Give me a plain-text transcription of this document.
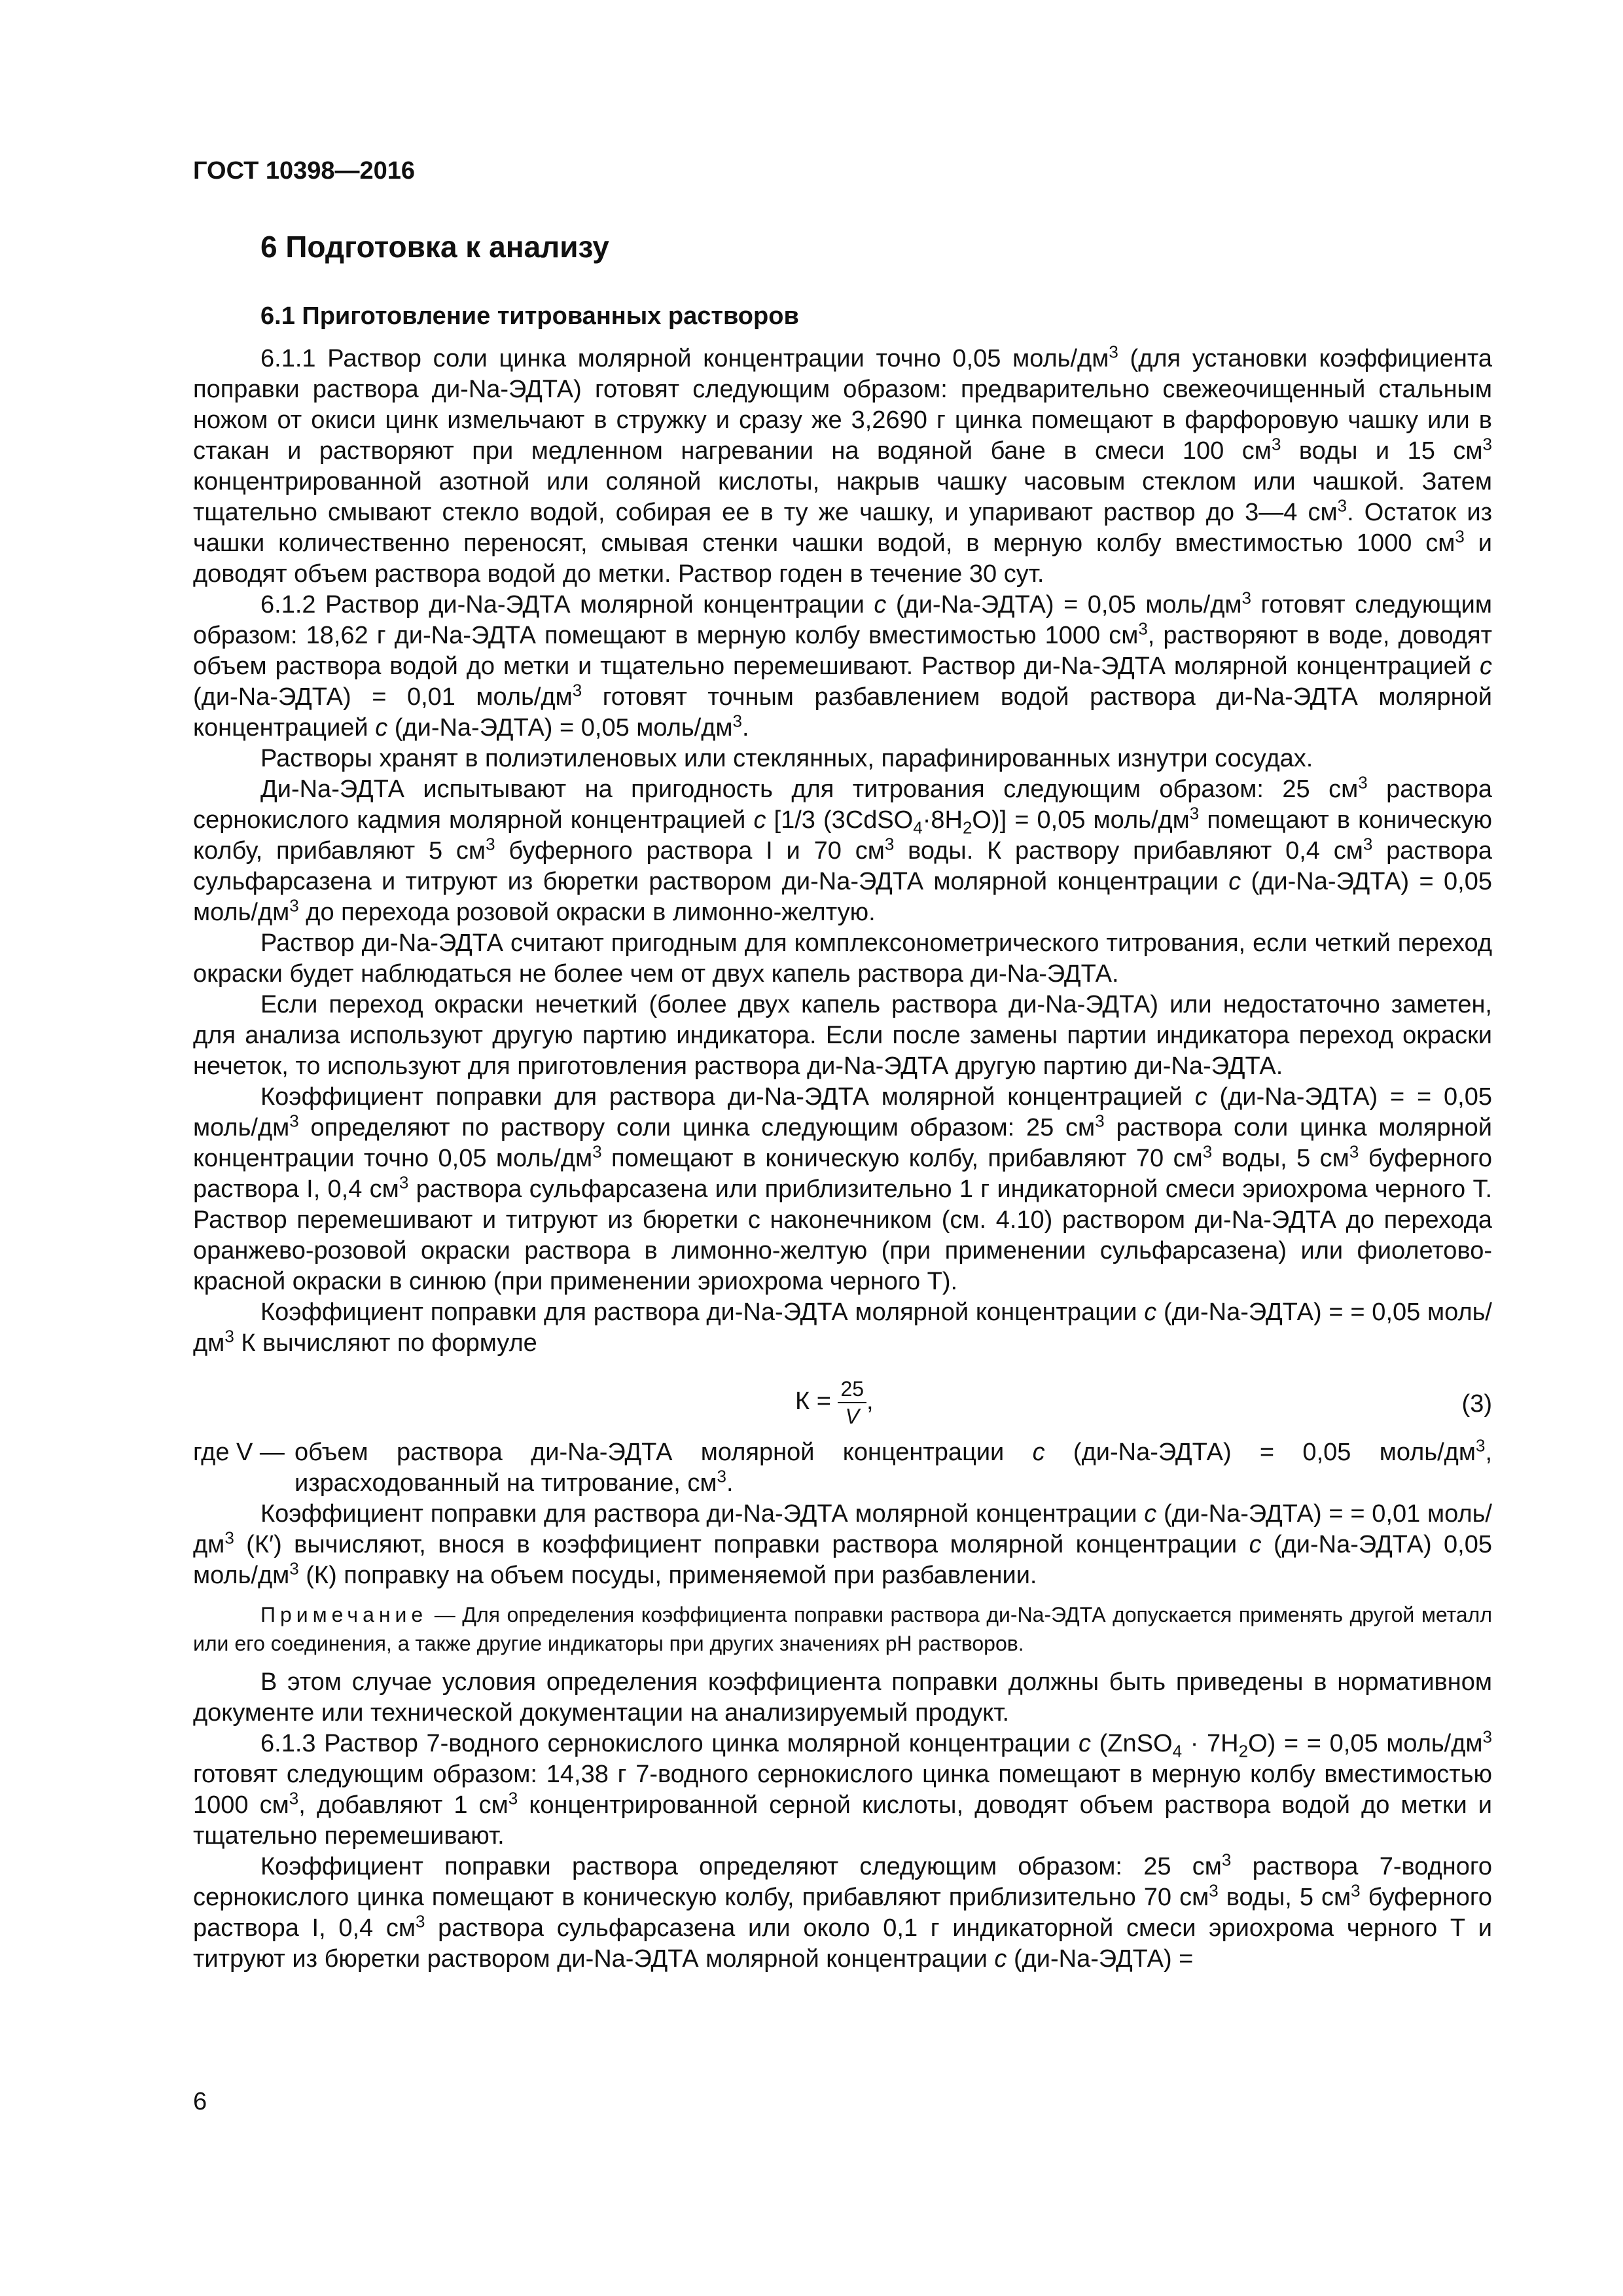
ГОСТ 10398—2016

6 Подготовка к анализу
6.1 Приготовление титрованных растворов

6.1.1 Раствор соли цинка молярной концентрации точно 0,05 моль/$дм^3$ (для установки коэффициента поправки раствора ди-Na-ЭДТА) готовят следующим образом: предварительно свежеочищенный стальным ножом от окиси цинк измельчают в стружку и сразу же 3,2690 г цинка помещают в фарфоровую чашку или в стакан и растворяют при медленном нагревании на водяной бане в смеси 100 $см^3$ воды и 15 $см^3$ концентрированной азотной или соляной кислоты, накрыв чашку часовым стеклом или чашкой. Затем тщательно смывают стекло водой, собирая ее в ту же чашку, и упаривают раствор до 3—4 $см^3$. Остаток из чашки количественно переносят, смывая стенки чашки водой, в мерную колбу вместимостью 1000 $см^3$ и доводят объем раствора водой до метки. Раствор годен в течение 30 сут.

6.1.2 Раствор ди-Na-ЭДТА молярной концентрации c (ди-Na-ЭДТА) = 0,05 моль/$дм^3$ готовят следующим образом: 18,62 г ди-Na-ЭДТА помещают в мерную колбу вместимостью 1000 $см^3$, растворяют в воде, доводят объем раствора водой до метки и тщательно перемешивают. Раствор ди-Na-ЭДТА молярной концентрацией c (ди-Na-ЭДТА) = 0,01 моль/$дм^3$ готовят точным разбавлением водой раствора ди-Na-ЭДТА молярной концентрацией c (ди-Na-ЭДТА) = 0,05 моль/$дм^3$.

Растворы хранят в полиэтиленовых или стеклянных, парафинированных изнутри сосудах.

Ди-Na-ЭДТА испытывают на пригодность для титрования следующим образом: 25 $см^3$ раствора сернокислого кадмия молярной концентрацией c [1/3 $(3CdSO_4\cdot 8H_2O)] = 0,05$ моль/$дм^3$ помещают в коническую колбу, прибавляют 5 $см^3$ буферного раствора I и 70 $см^3$ воды. К раствору прибавляют 0,4 $см^3$ раствора сульфарсазена и титруют из бюретки раствором ди-Na-ЭДТА молярной концентрации c (ди-Na-ЭДТА) = 0,05 моль/$дм^3$ до перехода розовой окраски в лимонно-желтую.

Раствор ди-Na-ЭДТА считают пригодным для комплексонометрического титрования, если четкий переход окраски будет наблюдаться не более чем от двух капель раствора ди-Na-ЭДТА.

Если переход окраски нечеткий (более двух капель раствора ди-Na-ЭДТА) или недостаточно заметен, для анализа используют другую партию индикатора. Если после замены партии индикатора переход окраски нечеток, то используют для приготовления раствора ди-Na-ЭДТА другую партию ди-Na-ЭДТА.

Коэффициент поправки для раствора ди-Na-ЭДТА молярной концентрацией c (ди-Na-ЭДТА) = = 0,05 моль/$дм^3$ определяют по раствору соли цинка следующим образом: 25 $см^3$ раствора соли цинка молярной концентрации точно 0,05 моль/$дм^3$ помещают в коническую колбу, прибавляют 70 $см^3$ воды, 5 $см^3$ буферного раствора I, 0,4 $см^3$ раствора сульфарсазена или приблизительно 1 г индикаторной смеси эриохрома черного Т. Раствор перемешивают и титруют из бюретки с наконечником (см. 4.10) раствором ди-Na-ЭДТА до перехода оранжево-розовой окраски раствора в лимонно-желтую (при применении сульфарсазена) или фиолетово-красной окраски в синюю (при применении эриохрома черного Т).

Коэффициент поправки для раствора ди-Na-ЭДТА молярной концентрации c (ди-Na-ЭДТА) = = 0,05 моль/$дм^3$ К вычисляют по формуле

$К = \frac{25}{V}$ ,	(3)

где V — объем раствора ди-Na-ЭДТА молярной концентрации c (ди-Na-ЭДТА) = 0,05 моль/$дм^3$, израсходованный на титрование, $см^3$.

Коэффициент поправки для раствора ди-Na-ЭДТА молярной концентрации c (ди-Na-ЭДТА) = = 0,01 моль/$дм^3$ (К′) вычисляют, внося в коэффициент поправки раствора молярной концентрации c (ди-Na-ЭДТА) 0,05 моль/$дм^3$ (К) поправку на объем посуды, применяемой при разбавлении.

Примечание — Для определения коэффициента поправки раствора ди-Na-ЭДТА допускается применять другой металл или его соединения, а также другие индикаторы при других значениях pH растворов.

В этом случае условия определения коэффициента поправки должны быть приведены в нормативном документе или технической документации на анализируемый продукт.

6.1.3 Раствор 7-водного сернокислого цинка молярной концентрации c (ZnSO$_4$ · $7H_2O$) = = 0,05 моль/$дм^3$ готовят следующим образом: 14,38 г 7-водного сернокислого цинка помещают в мерную колбу вместимостью 1000 $см^3$, добавляют 1 $см^3$ концентрированной серной кислоты, доводят объем раствора водой до метки и тщательно перемешивают.

Коэффициент поправки раствора определяют следующим образом: 25 $см^3$ раствора 7-водного сернокислого цинка помещают в коническую колбу, прибавляют приблизительно 70 $см^3$ воды, 5 $см^3$ буферного раствора I, 0,4 $см^3$ раствора сульфарсазена или около 0,1 г индикаторной смеси эриохрома черного Т и титруют из бюретки раствором ди-Na-ЭДТА молярной концентрации c (ди-Na-ЭДТА) =

6
